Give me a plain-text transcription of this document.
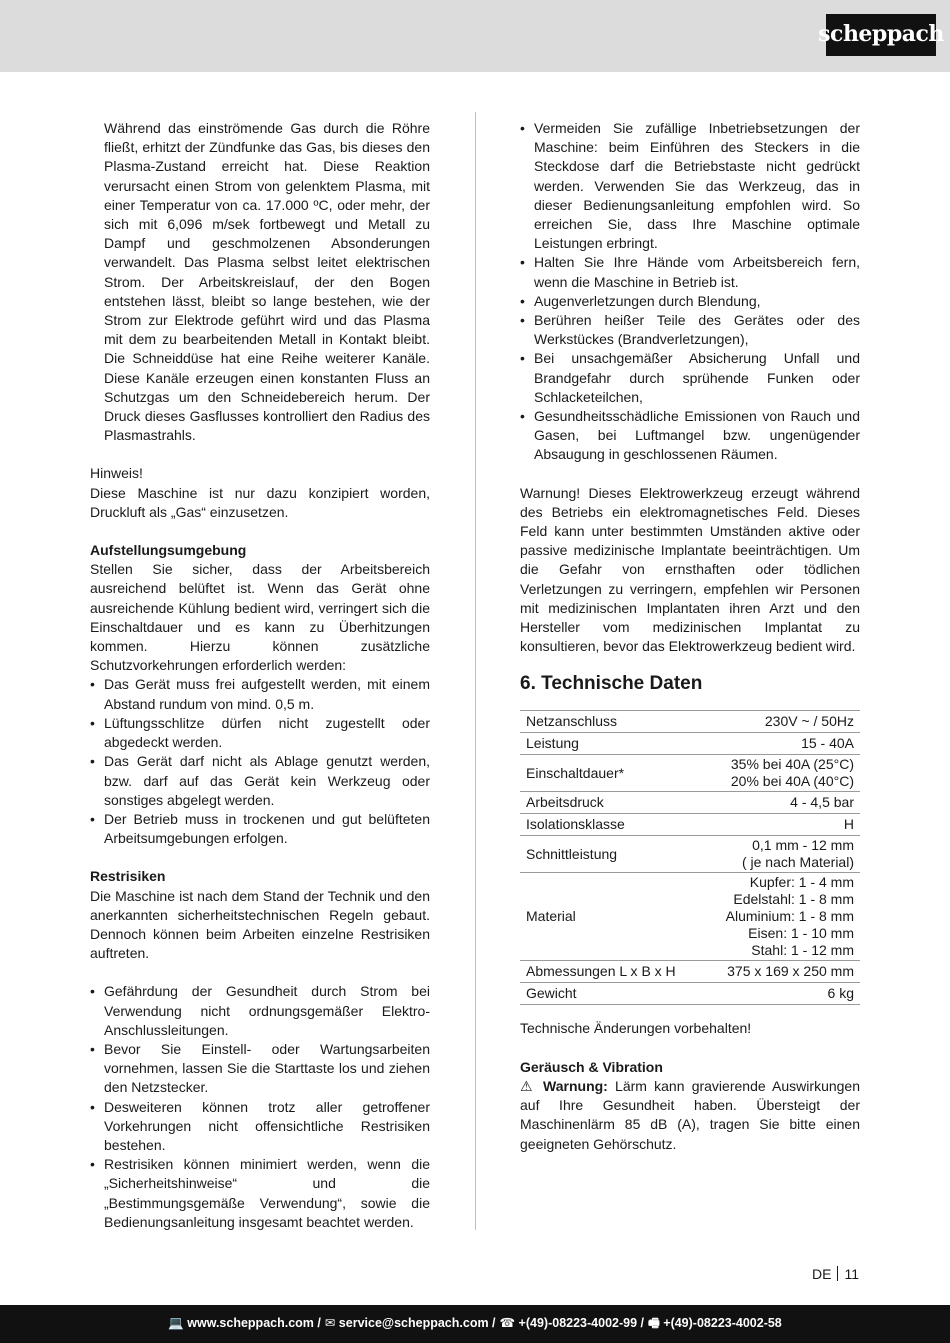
scheppach

Während das einströmende Gas durch die Röhre fließt, erhitzt der Zündfunke das Gas, bis dieses den Plasma-Zustand erreicht hat. Diese Reaktion verursacht einen Strom von gelenktem Plasma, mit einer Temperatur von ca. 17.000 ºC, oder mehr, der sich mit 6,096 m/sek fortbewegt und Metall zu Dampf und geschmolzenen Absonderungen verwandelt. Das Plasma selbst leitet elektrischen Strom. Der Arbeitskreislauf, der den Bogen entstehen lässt, bleibt so lange bestehen, wie der Strom zur Elektrode geführt wird und das Plasma mit dem zu bearbeitenden Metall in Kontakt bleibt. Die Schneiddüse hat eine Reihe weiterer Kanäle. Diese Kanäle erzeugen einen konstanten Fluss an Schutzgas um den Schneidebereich herum. Der Druck dieses Gasflusses kontrolliert den Radius des Plasmastrahls.

Hinweis!

Diese Maschine ist nur dazu konzipiert worden, Druckluft als „Gas“ einzusetzen.

Aufstellungsumgebung

Stellen Sie sicher, dass der Arbeitsbereich ausreichend belüftet ist. Wenn das Gerät ohne ausreichende Kühlung bedient wird, verringert sich die Einschaltdauer und es kann zu Überhitzungen kommen. Hierzu können zusätzliche Schutzvorkehrungen erforderlich werden:

• Das Gerät muss frei aufgestellt werden, mit einem Abstand rundum von mind. 0,5 m.
• Lüftungsschlitze dürfen nicht zugestellt oder abgedeckt werden.
• Das Gerät darf nicht als Ablage genutzt werden, bzw. darf auf das Gerät kein Werkzeug oder sonstiges abgelegt werden.
• Der Betrieb muss in trockenen und gut belüfteten Arbeitsumgebungen erfolgen.

Restrisiken

Die Maschine ist nach dem Stand der Technik und den anerkannten sicherheitstechnischen Regeln gebaut. Dennoch können beim Arbeiten einzelne Restrisiken auftreten.

• Gefährdung der Gesundheit durch Strom bei Verwendung nicht ordnungsgemäßer Elektro-Anschlussleitungen.
• Bevor Sie Einstell- oder Wartungsarbeiten vornehmen, lassen Sie die Starttaste los und ziehen den Netzstecker.
• Desweiteren können trotz aller getroffener Vorkehrungen nicht offensichtliche Restrisiken bestehen.
• Restrisiken können minimiert werden, wenn die „Sicherheitshinweise“ und die „Bestimmungsgemäße Verwendung“, sowie die Bedienungsanleitung insgesamt beachtet werden.
• Vermeiden Sie zufällige Inbetriebsetzungen der Maschine: beim Einführen des Steckers in die Steckdose darf die Betriebstaste nicht gedrückt werden. Verwenden Sie das Werkzeug, das in dieser Bedienungsanleitung empfohlen wird. So erreichen Sie, dass Ihre Maschine optimale Leistungen erbringt.
• Halten Sie Ihre Hände vom Arbeitsbereich fern, wenn die Maschine in Betrieb ist.
• Augenverletzungen durch Blendung,
• Berühren heißer Teile des Gerätes oder des Werkstückes (Brandverletzungen),
• Bei unsachgemäßer Absicherung Unfall und Brandgefahr durch sprühende Funken oder Schlacketeilchen,
• Gesundheitsschädliche Emissionen von Rauch und Gasen, bei Luftmangel bzw. ungenügender Absaugung in geschlossenen Räumen.

Warnung! Dieses Elektrowerkzeug erzeugt während des Betriebs ein elektromagnetisches Feld. Dieses Feld kann unter bestimmten Umständen aktive oder passive medizinische Implantate beeinträchtigen. Um die Gefahr von ernsthaften oder tödlichen Verletzungen zu verringern, empfehlen wir Personen mit medizinischen Implantaten ihren Arzt und den Hersteller vom medizinischen Implantat zu konsultieren, bevor das Elektrowerkzeug bedient wird.

6. Technische Daten
Netzanschluss	230V ~ / 50Hz
Leistung	15 - 40A
Einschaltdauer*	35% bei 40A (25°C)
20% bei 40A (40°C)
Arbeitsdruck	4 - 4,5 bar
Isolationsklasse	H
Schnittleistung	0,1 mm - 12 mm
( je nach Material)
Material	Kupfer: 1 - 4 mm
Edelstahl: 1 - 8 mm
Aluminium: 1 - 8 mm
Eisen: 1 - 10 mm
Stahl: 1 - 12 mm
Abmessungen L x B x H	375 x 169 x 250 mm
Gewicht	6 kg

Technische Änderungen vorbehalten!

Geräusch & Vibration

⚠ Warnung: Lärm kann gravierende Auswirkungen auf Ihre Gesundheit haben. Übersteigt der Maschinenlärm 85 dB (A), tragen Sie bitte einen geeigneten Gehörschutz.

DE 11
💻 www.scheppach.com / ✉ service@scheppach.com / ☎ +(49)-08223-4002-99 / 🖷 +(49)-08223-4002-58
